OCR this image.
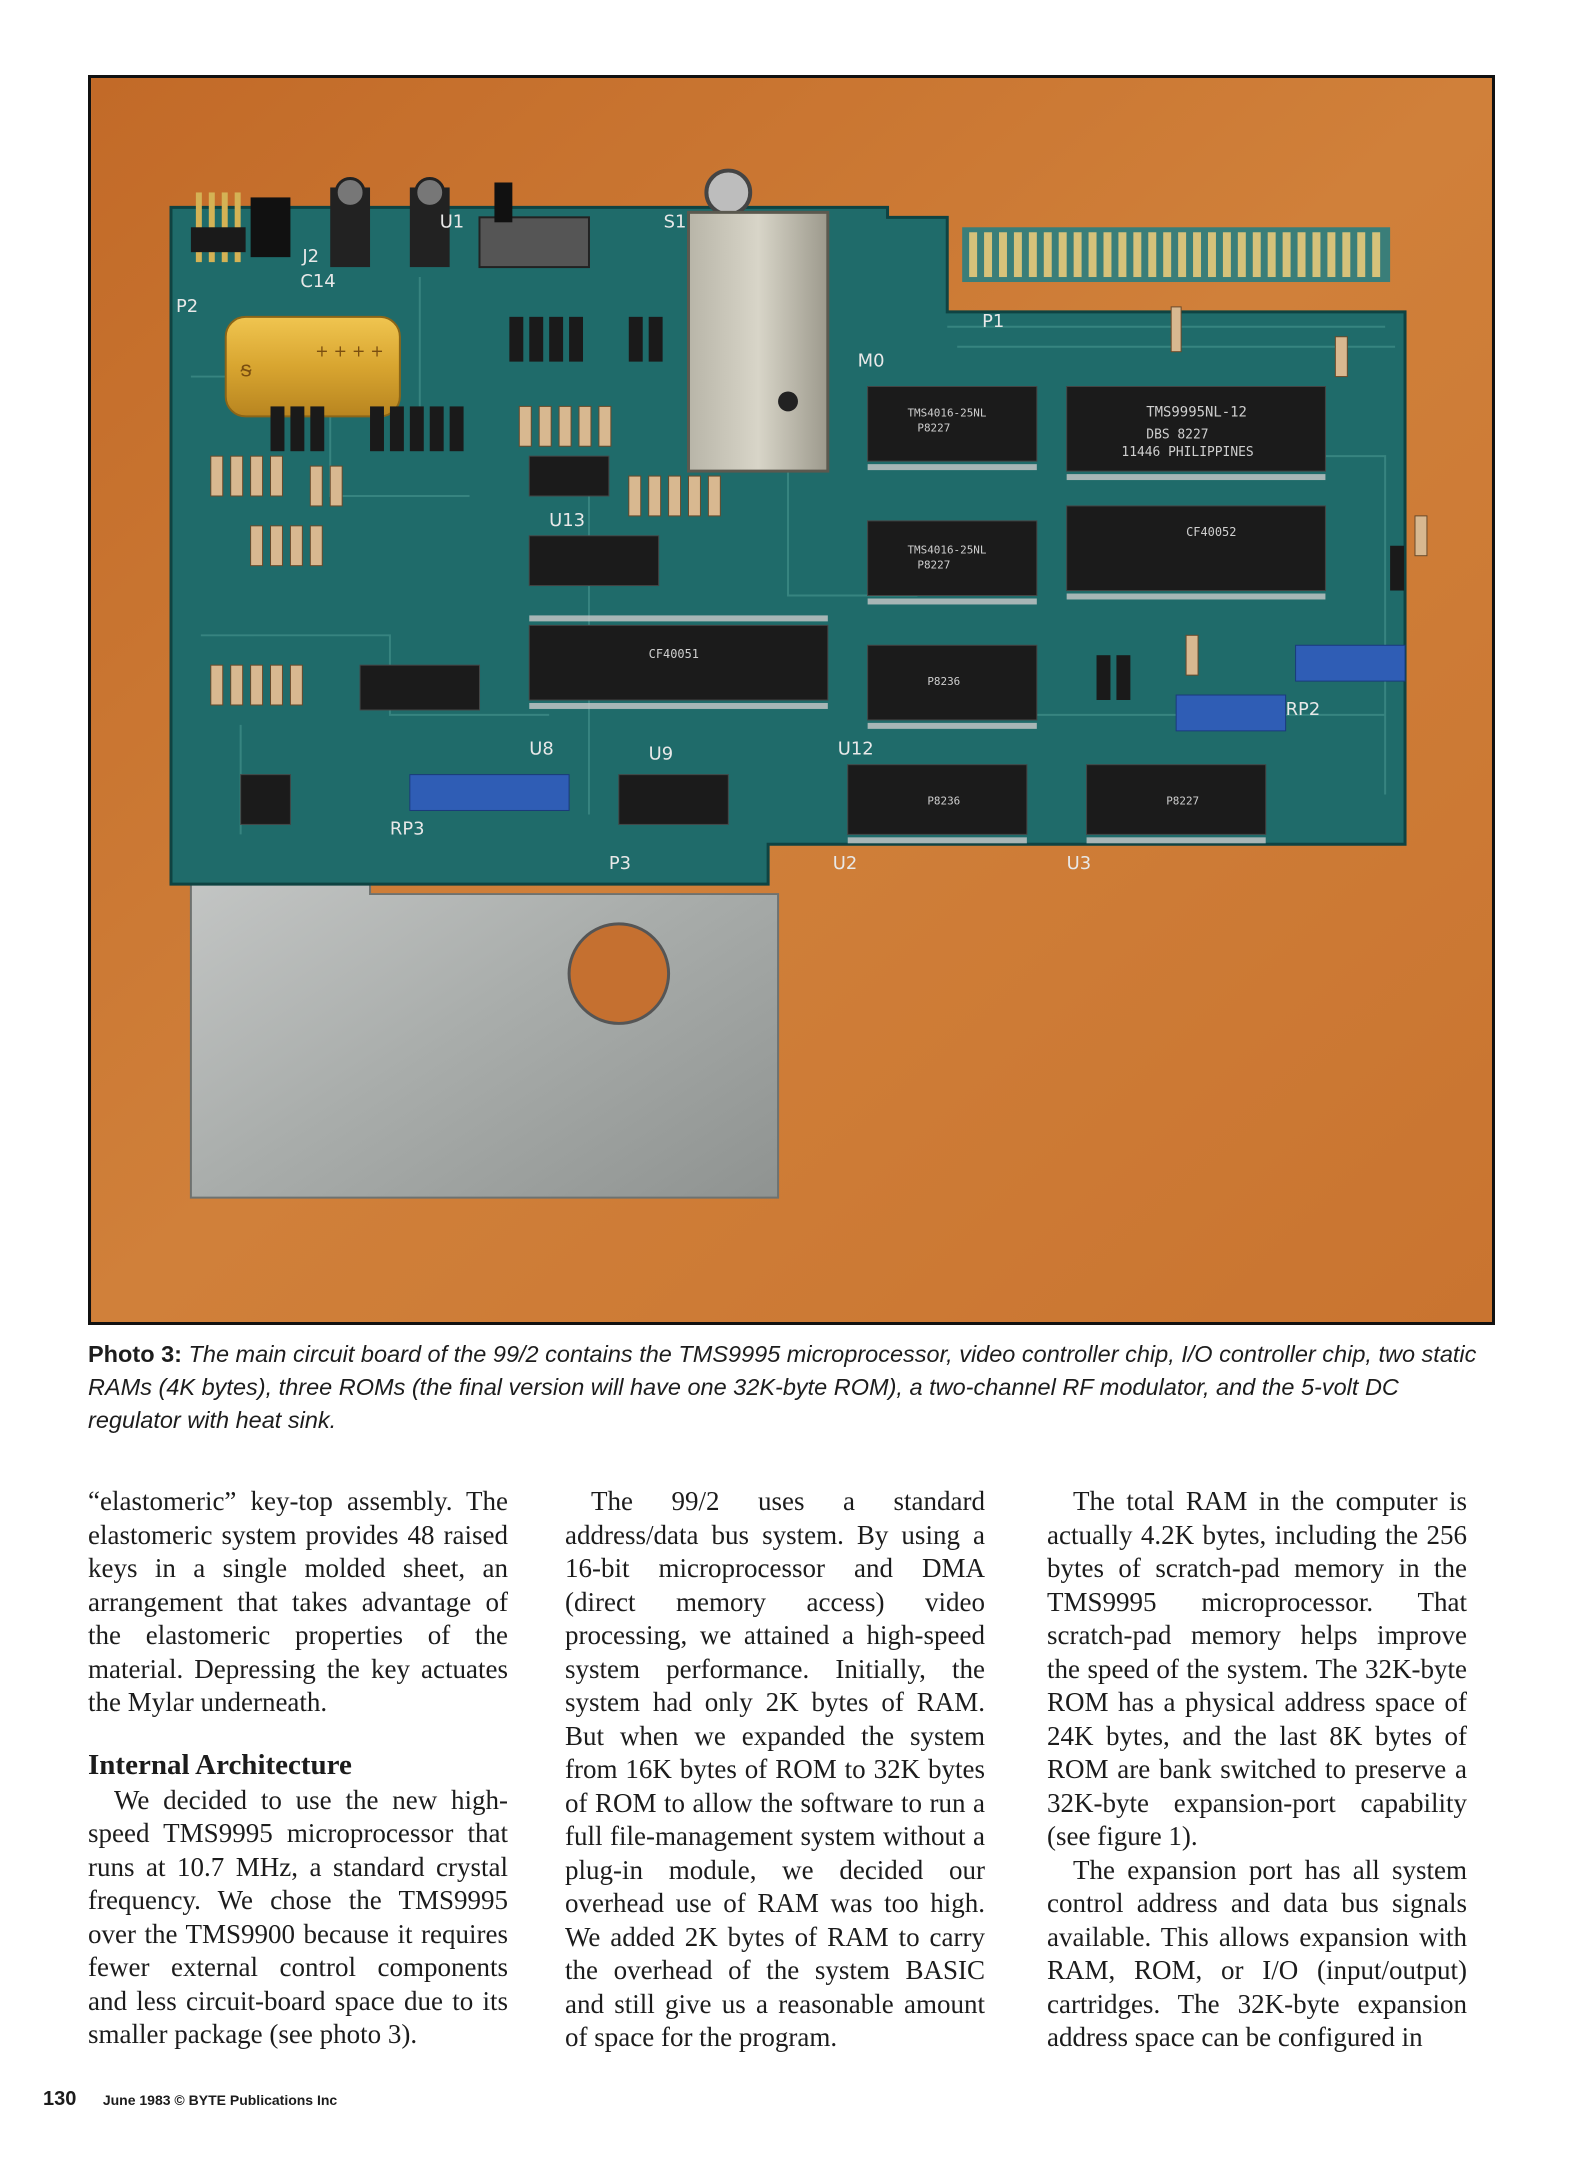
ᵴ
+ + + +
TMS9995NL-12
DBS 8227
11446 PHILIPPINES
TMS4016-25NL
P8227
TMS4016-25NL
P8227
P8236
P8236	P8227
CF40051
CF40052
P1
P2
P3
J2
S1
U1
U2	U3
U8	U9	U12
U13
RP2
RP3
C14
M0

Photo 3: The main circuit board of the 99/2 contains the TMS9995 microprocessor, video controller chip, I/O controller chip, two static RAMs (4K bytes), three ROMs (the final version will have one 32K-byte ROM), a two-channel RF modulator, and the 5-volt DC regulator with heat sink.

“elastomeric” key-top assembly. The elastomeric system provides 48 raised keys in a single molded sheet, an arrangement that takes advantage of the elastomeric properties of the material. Depressing the key actuates the Mylar underneath.

Internal Architecture

We decided to use the new high-speed TMS9995 microprocessor that runs at 10.7 MHz, a standard crystal frequency. We chose the TMS9995 over the TMS9900 because it requires fewer external control components and less circuit-board space due to its smaller package (see photo 3).

The 99/2 uses a standard address/data bus system. By using a 16-bit microprocessor and DMA (direct memory access) video processing, we attained a high-speed system performance. Initially, the system had only 2K bytes of RAM. But when we expanded the system from 16K bytes of ROM to 32K bytes of ROM to allow the software to run a full file-management system without a plug-in module, we decided our overhead use of RAM was too high. We added 2K bytes of RAM to carry the overhead of the system BASIC and still give us a reasonable amount of space for the program.

The total RAM in the computer is actually 4.2K bytes, including the 256 bytes of scratch-pad memory in the TMS9995 microprocessor. That scratch-pad memory helps improve the speed of the system. The 32K-byte ROM has a physical address space of 24K bytes, and the last 8K bytes of ROM are bank switched to preserve a 32K-byte expansion-port capability (see figure 1).

The expansion port has all system control address and data bus signals available. This allows expansion with RAM, ROM, or I/O (input/output) cartridges. The 32K-byte expansion address space can be configured in

130 June 1983 © BYTE Publications Inc
